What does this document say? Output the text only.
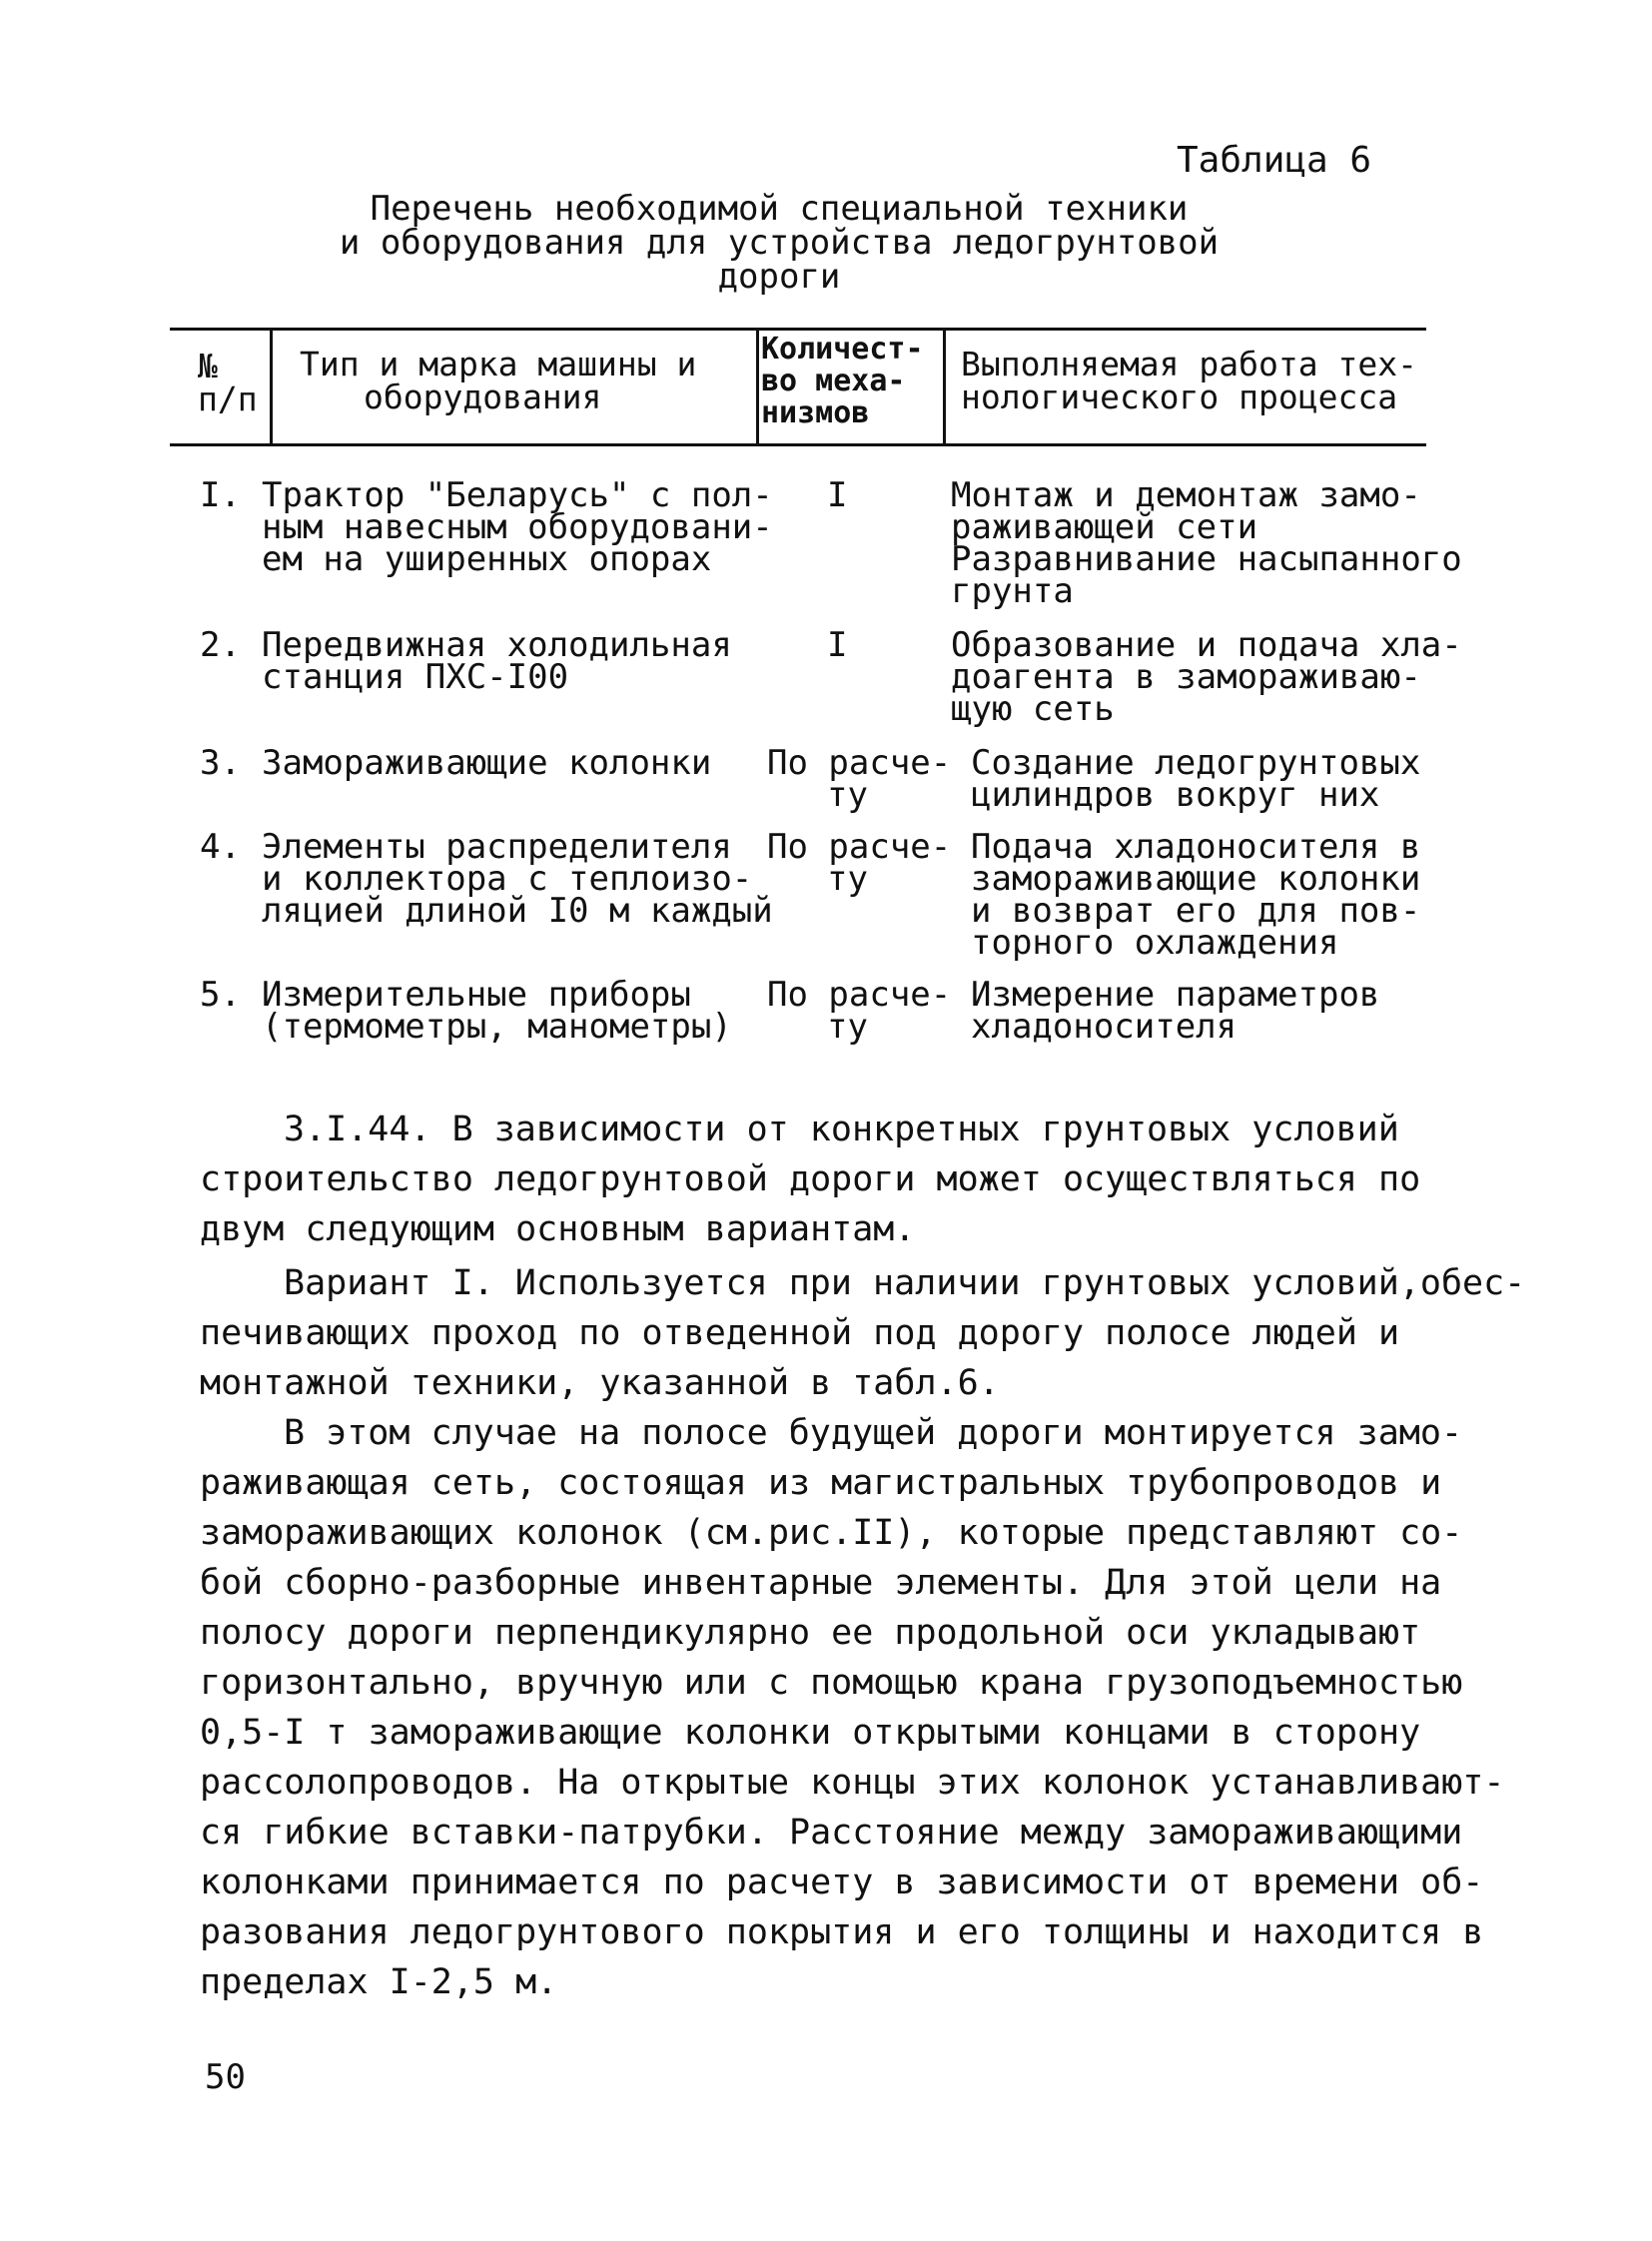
Таблица 6
Перечень необходимой специальной техники
и оборудования для устройства ледогрунтовой
дороги
№
п/п
Тип и марка машины и
оборудования
Количест-
во меха-
низмов
Выполняемая работа тех-
нологического процесса
I. Трактор "Беларусь" с пол-
ным навесным оборудовани-
ем на уширенных опорах
I	Монтаж и демонтаж замо-
раживающей сети
Разравнивание насыпанного
грунта
2. Передвижная холодильная
станция ПХС-I00
I	Образование и подача хла-
доагента в замораживаю-
щую сеть
3. Замораживающие колонки По расче-
ту
Создание ледогрунтовых
цилиндров вокруг них
4. Элементы распределителя
и коллектора с теплоизо-
ляцией длиной I0 м каждый
По расче-
ту
Подача хладоносителя в
замораживающие колонки
и возврат его для пов-
торного охлаждения
5. Измерительные приборы
(термометры, манометры)
По расче-
ту
Измерение параметров
хладоносителя
3.I.44. В зависимости от конкретных грунтовых условий
строительство ледогрунтовой дороги может осуществляться по
двум следующим основным вариантам.
Вариант I. Используется при наличии грунтовых условий,обес-
печивающих проход по отведенной под дорогу полосе людей и
монтажной техники, указанной в табл.6.
В этом случае на полосе будущей дороги монтируется замо-
раживающая сеть, состоящая из магистральных трубопроводов и
замораживающих колонок (см.рис.II), которые представляют со-
бой сборно-разборные инвентарные элементы. Для этой цели на
полосу дороги перпендикулярно ее продольной оси укладывают
горизонтально, вручную или с помощью крана грузоподъемностью
0,5-I т замораживающие колонки открытыми концами в сторону
рассолопроводов. На открытые концы этих колонок устанавливают-
ся гибкие вставки-патрубки. Расстояние между замораживающими
колонками принимается по расчету в зависимости от времени об-
разования ледогрунтового покрытия и его толщины и находится в
пределах I-2,5 м.
50
